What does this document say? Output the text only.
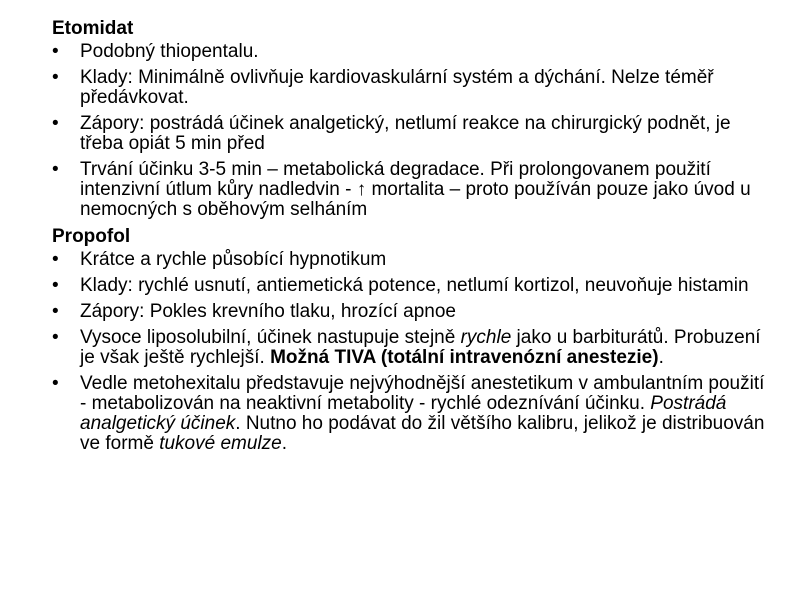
Etomidat
•	Podobný thiopentalu.
•	Klady: Minimálně ovlivňuje kardiovaskulární systém a dýchání. Nelze téměř předávkovat.
•	Zápory: postrádá účinek analgetický, netlumí reakce na chirurgický podnět, je třeba opiát 5 min před
•	Trvání účinku 3-5 min – metabolická degradace. Při prolongovanem použití intenzivní útlum kůry nadledvin - ↑ mortalita – proto používán pouze jako úvod u nemocných s oběhovým selháním
Propofol
•	Krátce a rychle působící hypnotikum
•	Klady: rychlé usnutí, antiemetická potence, netlumí kortizol, neuvoňuje histamin
•	Zápory: Pokles krevního tlaku, hrozící apnoe
•	Vysoce liposolubilní, účinek nastupuje stejně rychle jako u barbiturátů. Probuzení je však ještě rychlejší. Možná TIVA (totální intravenózní anestezie).
•	Vedle metohexitalu představuje nejvýhodnější anestetikum v ambulantním použití - metabolizován na neaktivní metabolity - rychlé odeznívání účinku. Postrádá analgetický účinek. Nutno ho podávat do žil většího kalibru, jelikož je distribuován ve formě tukové emulze.
